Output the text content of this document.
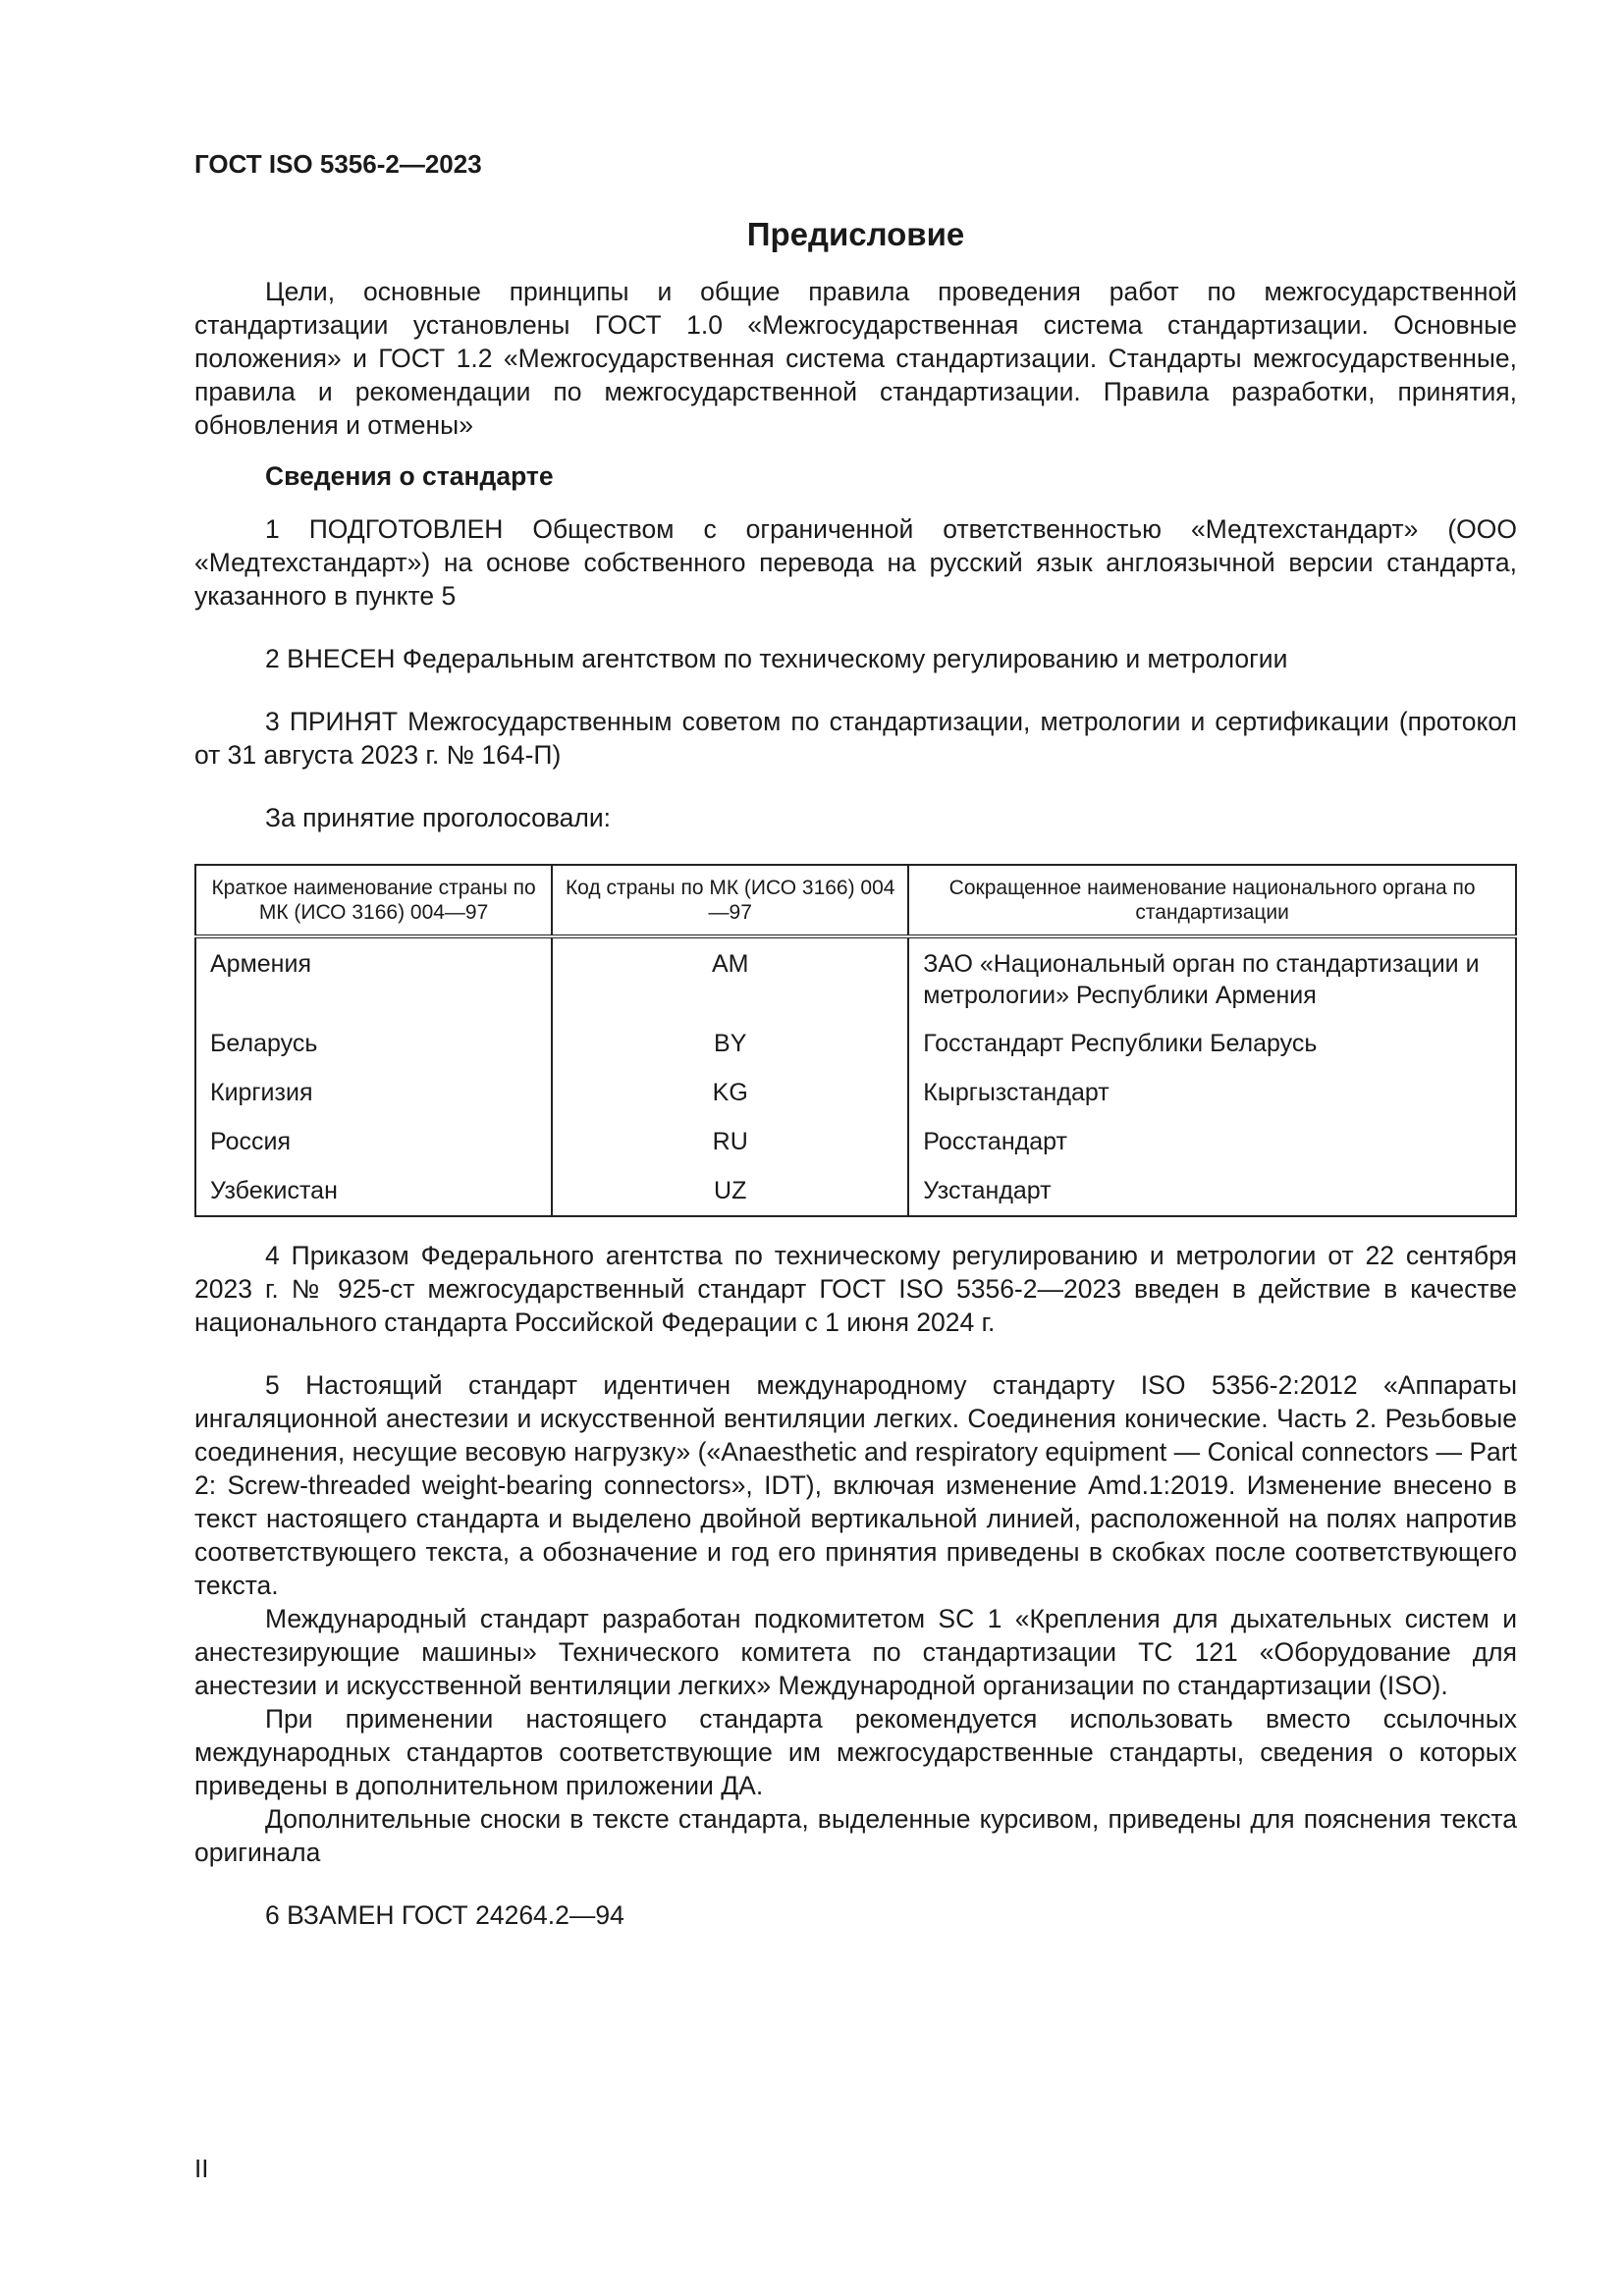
ГОСТ ISO 5356-2—2023
Предисловие

Цели, основные принципы и общие правила проведения работ по межгосударственной стандартизации установлены ГОСТ 1.0 «Межгосударственная система стандартизации. Основные положения» и ГОСТ 1.2 «Межгосударственная система стандартизации. Стандарты межгосударственные, правила и рекомендации по межгосударственной стандартизации. Правила разработки, принятия, обновления и отмены»

Сведения о стандарте

1 ПОДГОТОВЛЕН Обществом с ограниченной ответственностью «Медтехстандарт» (ООО «Медтехстандарт») на основе собственного перевода на русский язык англоязычной версии стандарта, указанного в пункте 5

2 ВНЕСЕН Федеральным агентством по техническому регулированию и метрологии

3 ПРИНЯТ Межгосударственным советом по стандартизации, метрологии и сертификации (протокол от 31 августа 2023 г. № 164-П)

За принятие проголосовали:

Краткое наименование страны по МК (ИСО 3166) 004—97	Код страны по МК (ИСО 3166) 004—97	Сокращенное наименование национального органа по стандартизации
Армения	AM	ЗАО «Национальный орган по стандартизации и метрологии» Республики Армения
Беларусь	BY	Госстандарт Республики Беларусь
Киргизия	KG	Кыргызстандарт
Россия	RU	Росстандарт
Узбекистан	UZ	Узстандарт

4 Приказом Федерального агентства по техническому регулированию и метрологии от 22 сентября 2023 г. № 925-ст межгосударственный стандарт ГОСТ ISO 5356-2—2023 введен в действие в качестве национального стандарта Российской Федерации с 1 июня 2024 г.

5 Настоящий стандарт идентичен международному стандарту ISO 5356-2:2012 «Аппараты ингаляционной анестезии и искусственной вентиляции легких. Соединения конические. Часть 2. Резьбовые соединения, несущие весовую нагрузку» («Anaesthetic and respiratory equipment — Conical connectors — Part 2: Screw-threaded weight-bearing connectors», IDT), включая изменение Amd.1:2019. Изменение внесено в текст настоящего стандарта и выделено двойной вертикальной линией, расположенной на полях напротив соответствующего текста, а обозначение и год его принятия приведены в скобках после соответствующего текста.

Международный стандарт разработан подкомитетом SC 1 «Крепления для дыхательных систем и анестезирующие машины» Технического комитета по стандартизации TC 121 «Оборудование для анестезии и искусственной вентиляции легких» Международной организации по стандартизации (ISO).

При применении настоящего стандарта рекомендуется использовать вместо ссылочных международных стандартов соответствующие им межгосударственные стандарты, сведения о которых приведены в дополнительном приложении ДА.

Дополнительные сноски в тексте стандарта, выделенные курсивом, приведены для пояснения текста оригинала

6 ВЗАМЕН ГОСТ 24264.2—94

II
